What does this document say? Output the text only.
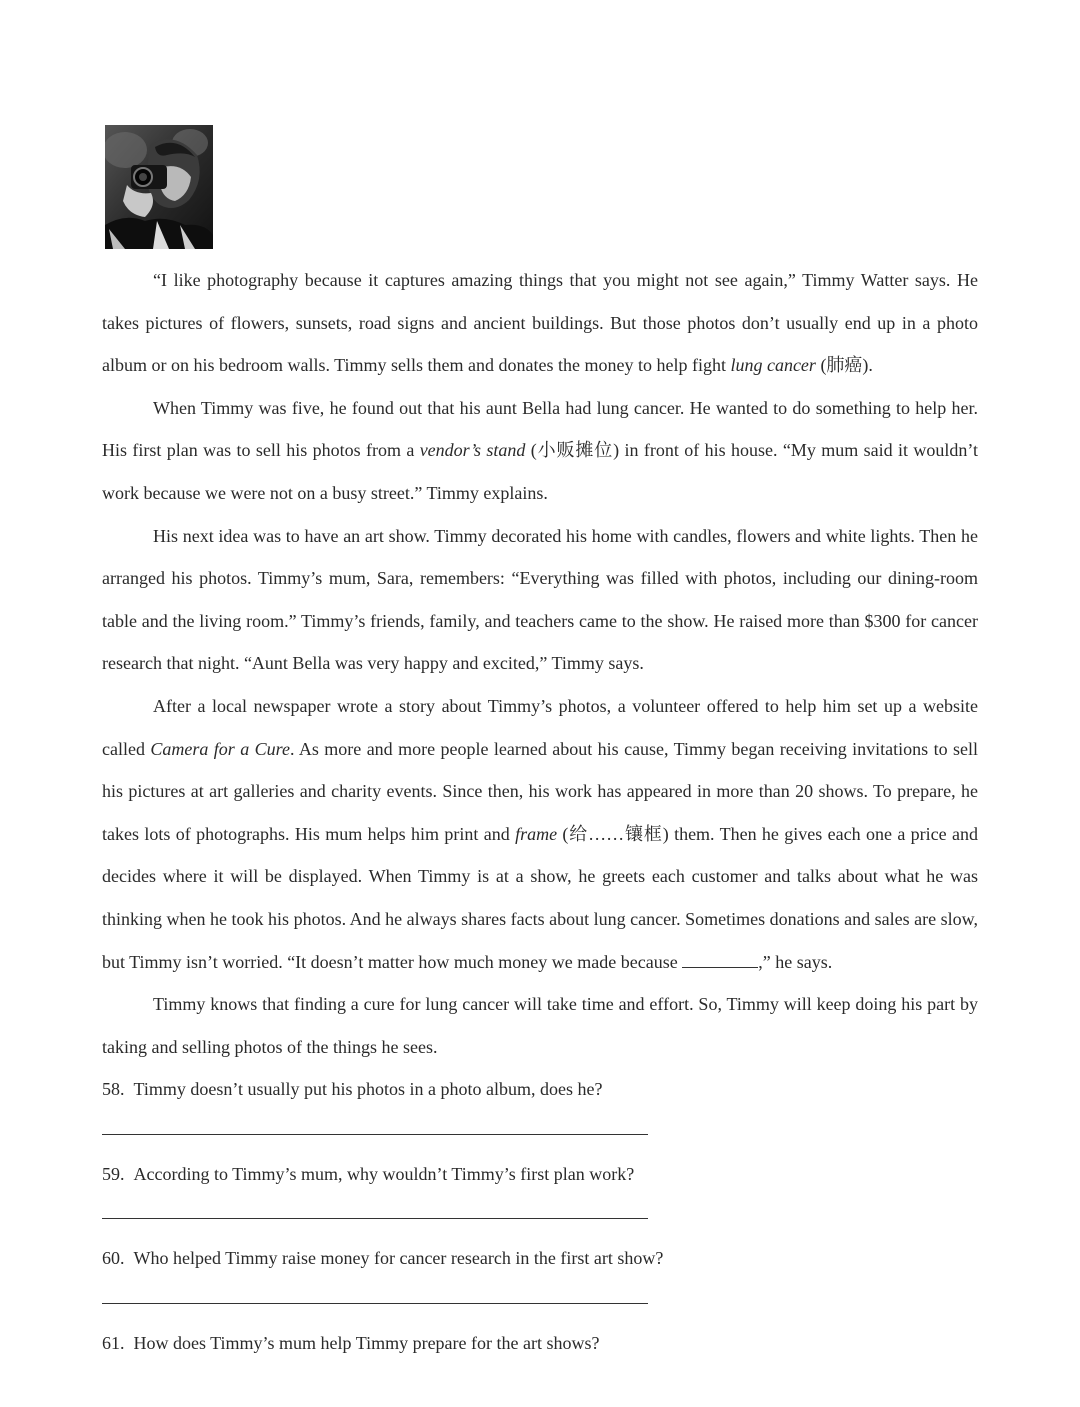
“I like photography because it captures amazing things that you might not see again,” Timmy Watter says. He takes pictures of flowers, sunsets, road signs and ancient buildings. But those photos don’t usually end up in a photo album or on his bedroom walls. Timmy sells them and donates the money to help fight lung cancer (肺癌).

When Timmy was five, he found out that his aunt Bella had lung cancer. He wanted to do something to help her. His first plan was to sell his photos from a vendor’s stand (小贩摊位) in front of his house. “My mum said it wouldn’t work because we were not on a busy street.” Timmy explains.

His next idea was to have an art show. Timmy decorated his home with candles, flowers and white lights. Then he arranged his photos. Timmy’s mum, Sara, remembers: “Everything was filled with photos, including our dining-room table and the living room.” Timmy’s friends, family, and teachers came to the show. He raised more than $300 for cancer research that night. “Aunt Bella was very happy and excited,” Timmy says.

After a local newspaper wrote a story about Timmy’s photos, a volunteer offered to help him set up a website called Camera for a Cure. As more and more people learned about his cause, Timmy began receiving invitations to sell his pictures at art galleries and charity events. Since then, his work has appeared in more than 20 shows. To prepare, he takes lots of photographs. His mum helps him print and frame (给……镶框) them. Then he gives each one a price and decides where it will be displayed. When Timmy is at a show, he greets each customer and talks about what he was thinking when he took his photos. And he always shares facts about lung cancer. Sometimes donations and sales are slow, but Timmy isn’t worried. “It doesn’t matter how much money we made because	,” he says.

Timmy knows that finding a cure for lung cancer will take time and effort. So, Timmy will keep doing his part by taking and selling photos of the things he sees.

58. Timmy doesn’t usually put his photos in a photo album, does he?

59. According to Timmy’s mum, why wouldn’t Timmy’s first plan work?

60. Who helped Timmy raise money for cancer research in the first art show?

61. How does Timmy’s mum help Timmy prepare for the art shows?
